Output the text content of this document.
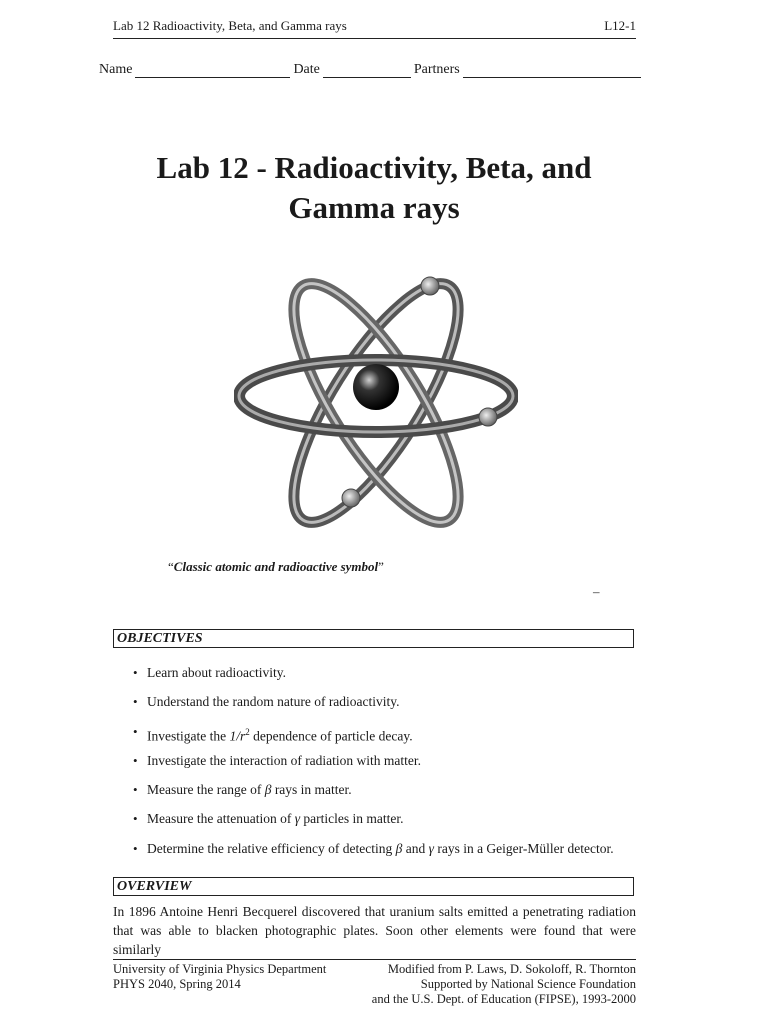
Lab 12 Radioactivity, Beta, and Gamma rays	L12-1
Name	Date	Partners
Lab 12 - Radioactivity, Beta, and
Gamma rays
“Classic atomic and radioactive symbol”
–
OBJECTIVES
• Learn about radioactivity.
• Understand the random nature of radioactivity.
• Investigate the $1/r^2$ dependence of particle decay.
• Investigate the interaction of radiation with matter.
• Measure the range of β rays in matter.
• Measure the attenuation of γ particles in matter.
• Determine the relative efficiency of detecting β and γ rays in a Geiger-Müller detector.
OVERVIEW
In 1896 Antoine Henri Becquerel discovered that uranium salts emitted a penetrating radiation that was able to blacken photographic plates. Soon other elements were found that were similarly
University of Virginia Physics Department
PHYS 2040, Spring 2014
Modified from P. Laws, D. Sokoloff, R. Thornton
Supported by National Science Foundation
and the U.S. Dept. of Education (FIPSE), 1993-2000
